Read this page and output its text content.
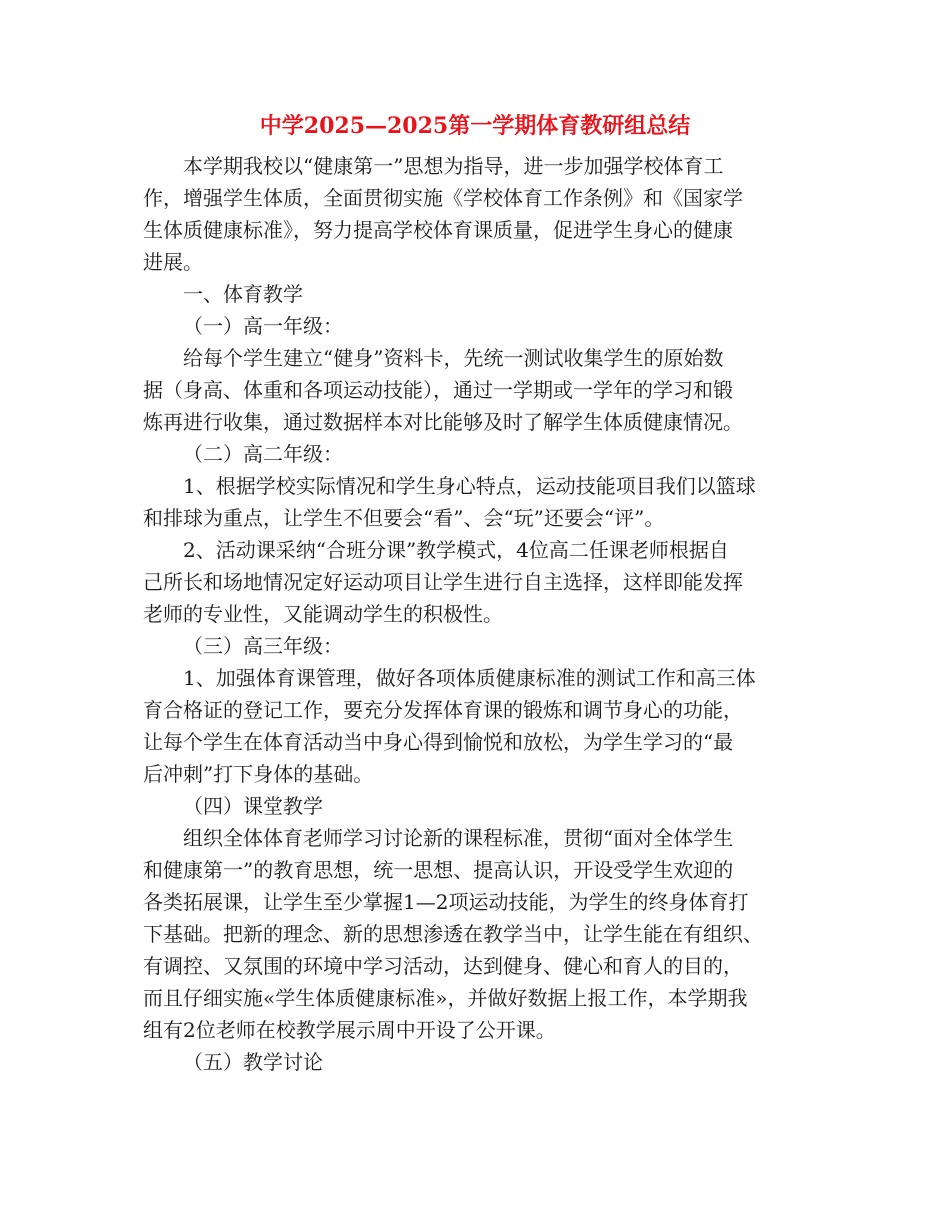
中学2025—2025第一学期体育教研组总结
本学期我校以“健康第一”思想为指导，进一步加强学校体育工
作，增强学生体质，全面贯彻实施《学校体育工作条例》和《国家学
生体质健康标准》，努力提高学校体育课质量，促进学生身心的健康
进展。
一、体育教学
（一）高一年级：
给每个学生建立“健身”资料卡，先统一测试收集学生的原始数
据（身高、体重和各项运动技能），通过一学期或一学年的学习和锻
炼再进行收集，通过数据样本对比能够及时了解学生体质健康情况。
（二）高二年级：
1、根据学校实际情况和学生身心特点，运动技能项目我们以篮球
和排球为重点，让学生不但要会“看”、会“玩”还要会“评”。
2、活动课采纳“合班分课”教学模式，4位高二任课老师根据自
己所长和场地情况定好运动项目让学生进行自主选择，这样即能发挥
老师的专业性，又能调动学生的积极性。
（三）高三年级：
1、加强体育课管理，做好各项体质健康标准的测试工作和高三体
育合格证的登记工作，要充分发挥体育课的锻炼和调节身心的功能，
让每个学生在体育活动当中身心得到愉悦和放松，为学生学习的“最
后冲刺”打下身体的基础。
（四）课堂教学
组织全体体育老师学习讨论新的课程标准，贯彻“面对全体学生
和健康第一”的教育思想，统一思想、提高认识，开设受学生欢迎的
各类拓展课，让学生至少掌握1—2项运动技能，为学生的终身体育打
下基础。把新的理念、新的思想渗透在教学当中，让学生能在有组织、
有调控、又氛围的环境中学习活动，达到健身、健心和育人的目的，
而且仔细实施«学生体质健康标准»，并做好数据上报工作，本学期我
组有2位老师在校教学展示周中开设了公开课。
（五）教学讨论
